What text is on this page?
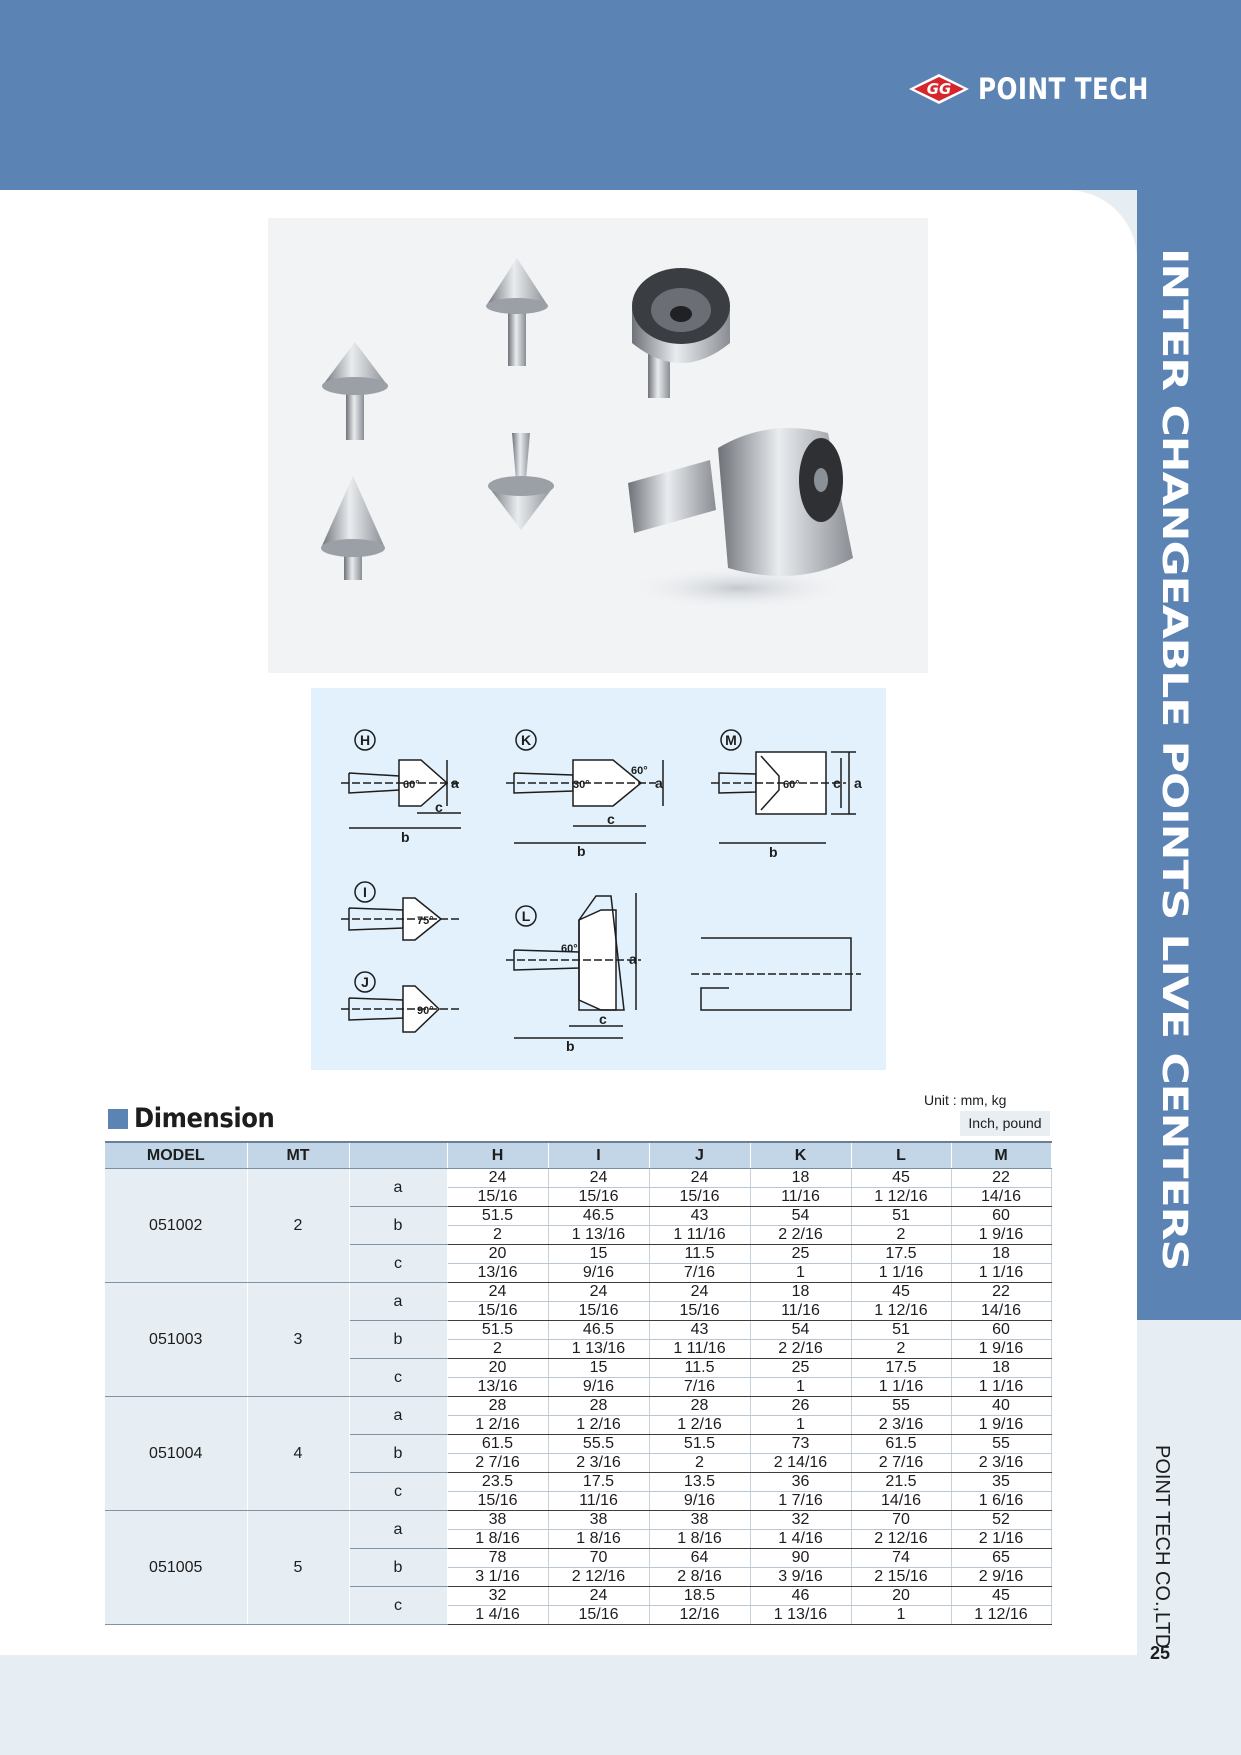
GG POINT TECH
INTER CHANGEABLE POINTS LIVE CENTERS
POINT TECH CO.,LTD
25
H	K	M
I
J
L
60°	30°
60°
60°
75°
90°
60°
a
b
c
a
b
c
a
c
b
a
b
c
Dimension
Unit : mm, kg
Inch, pound
MODEL	MT		H	I	J	K	L	M
051002	2	a	24	24	24	18	45	22
			15/16	15/16	15/16	11/16	1 12/16	14/16
		b	51.5	46.5	43	54	51	60
			2	1 13/16	1 11/16	2 2/16	2	1 9/16
		c	20	15	11.5	25	17.5	18
			13/16	9/16	7/16	1	1 1/16	1 1/16
051003	3	a	24	24	24	18	45	22
			15/16	15/16	15/16	11/16	1 12/16	14/16
		b	51.5	46.5	43	54	51	60
			2	1 13/16	1 11/16	2 2/16	2	1 9/16
		c	20	15	11.5	25	17.5	18
			13/16	9/16	7/16	1	1 1/16	1 1/16
051004	4	a	28	28	28	26	55	40
			1 2/16	1 2/16	1 2/16	1	2 3/16	1 9/16
		b	61.5	55.5	51.5	73	61.5	55
			2 7/16	2 3/16	2	2 14/16	2 7/16	2 3/16
		c	23.5	17.5	13.5	36	21.5	35
			15/16	11/16	9/16	1 7/16	14/16	1 6/16
051005	5	a	38	38	38	32	70	52
			1 8/16	1 8/16	1 8/16	1 4/16	2 12/16	2 1/16
		b	78	70	64	90	74	65
			3 1/16	2 12/16	2 8/16	3 9/16	2 15/16	2 9/16
		c	32	24	18.5	46	20	45
			1 4/16	15/16	12/16	1 13/16	1	1 12/16
